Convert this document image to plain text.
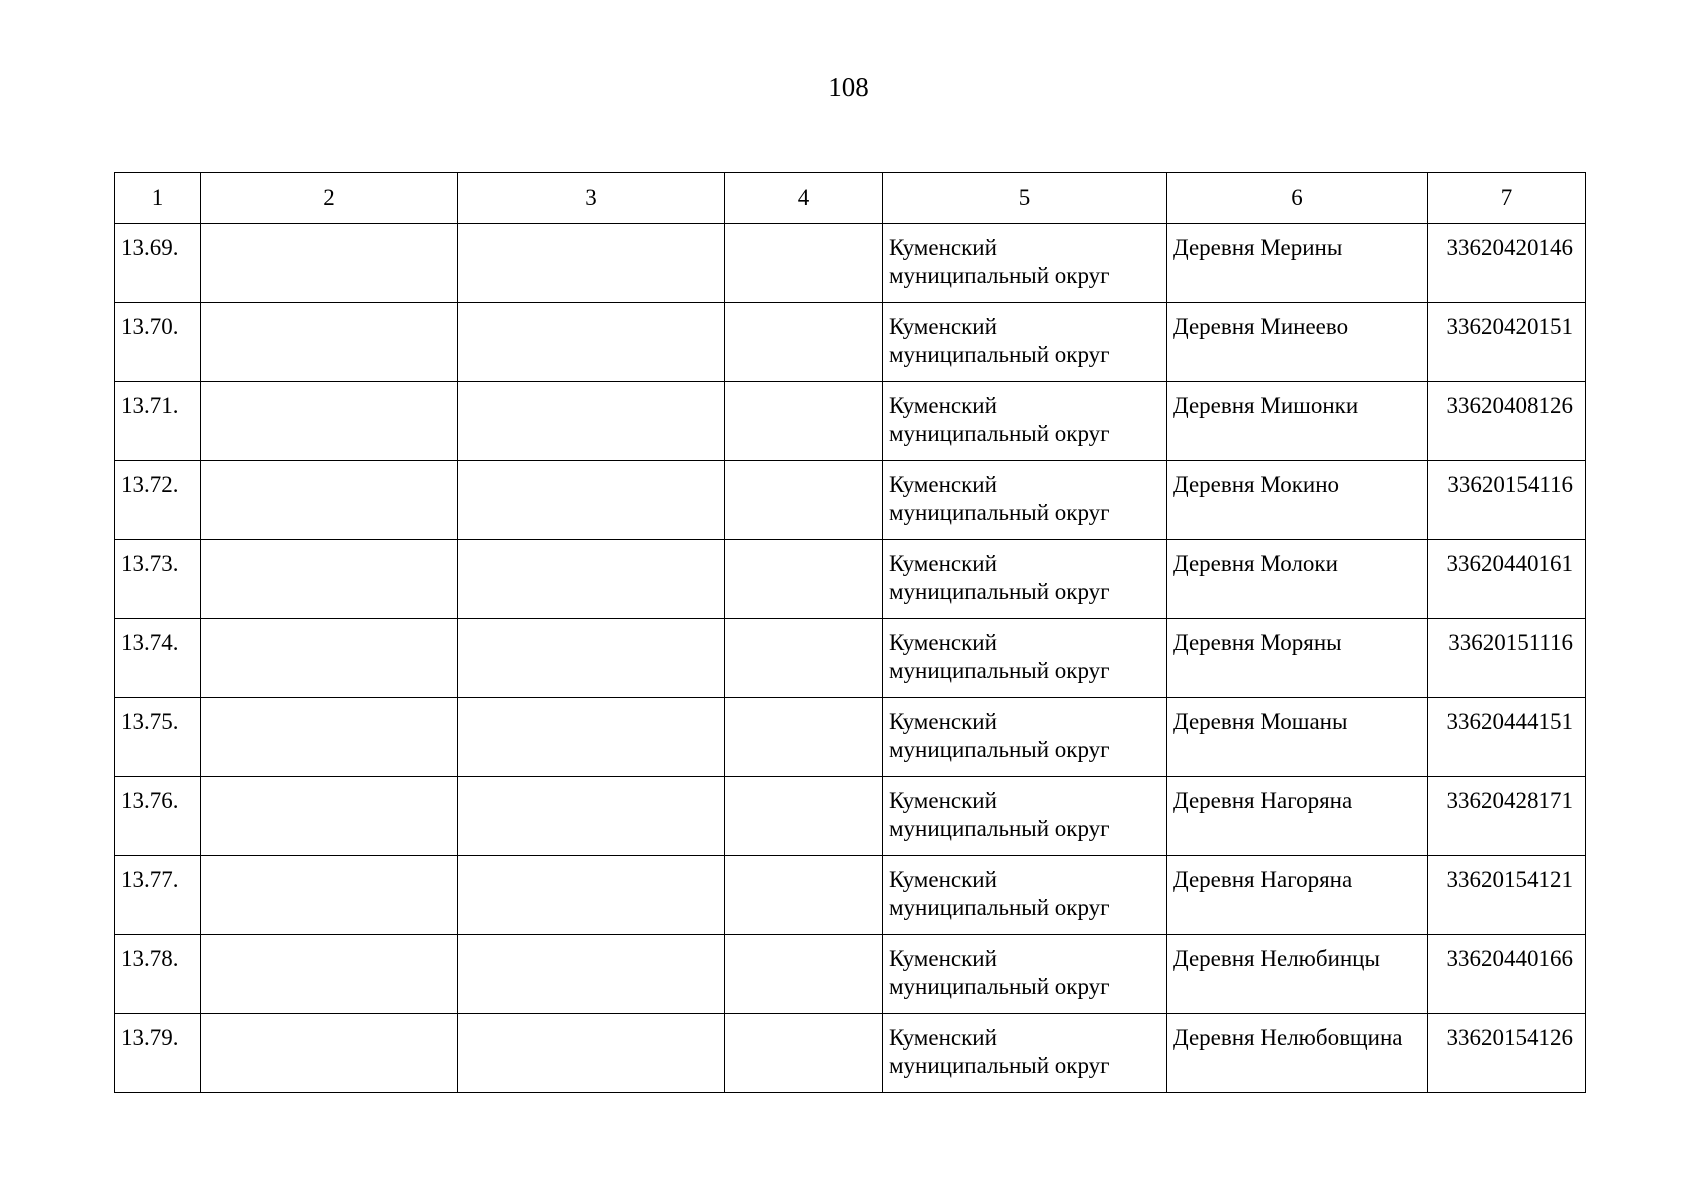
108
1	2	3	4	5	6	7
13.69.				Куменский
муниципальный округ	Деревня Мерины	33620420146
13.70.				Куменский
муниципальный округ	Деревня Минеево	33620420151
13.71.				Куменский
муниципальный округ	Деревня Мишонки	33620408126
13.72.				Куменский
муниципальный округ	Деревня Мокино	33620154116
13.73.				Куменский
муниципальный округ	Деревня Молоки	33620440161
13.74.				Куменский
муниципальный округ	Деревня Моряны	33620151116
13.75.				Куменский
муниципальный округ	Деревня Мошаны	33620444151
13.76.				Куменский
муниципальный округ	Деревня Нагоряна	33620428171
13.77.				Куменский
муниципальный округ	Деревня Нагоряна	33620154121
13.78.				Куменский
муниципальный округ	Деревня Нелюбинцы	33620440166
13.79.				Куменский
муниципальный округ	Деревня Нелюбовщина	33620154126
